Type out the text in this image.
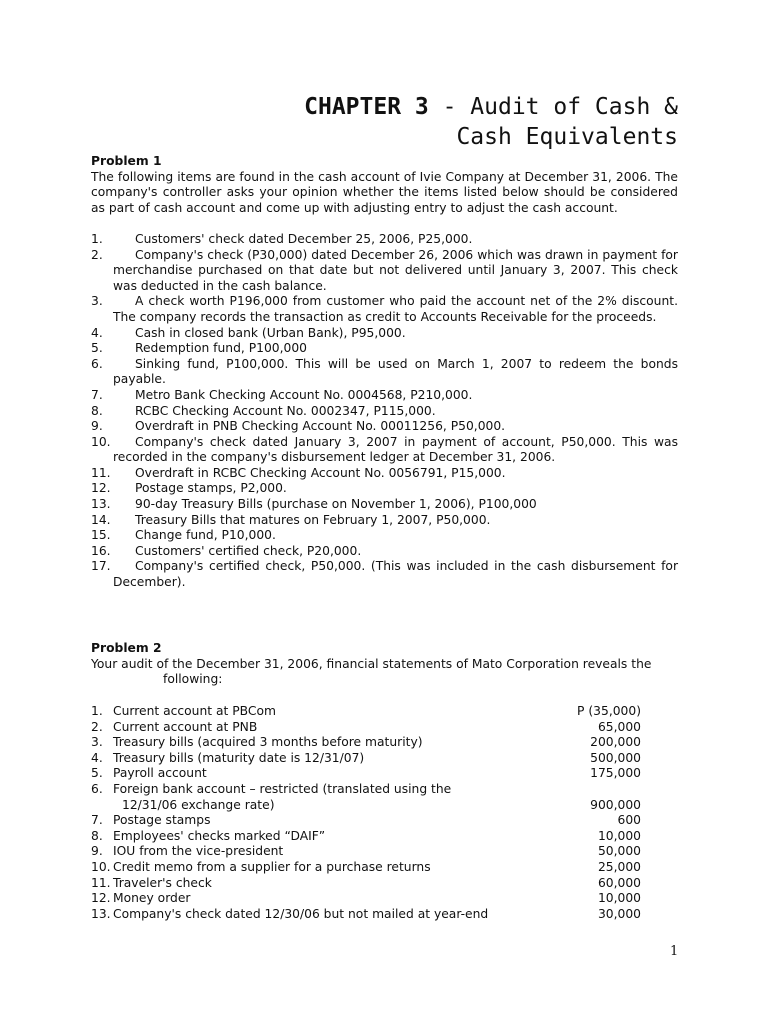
CHAPTER 3 - Audit of Cash &
Cash Equivalents
Problem 1
The following items are found in the cash account of Ivie Company at December 31, 2006. The company's controller asks your opinion whether the items listed below should be considered as part of cash account and come up with adjusting entry to adjust the cash account.
1.	Customers' check dated December 25, 2006, P25,000.
2.	Company's check (P30,000) dated December 26, 2006 which was drawn in payment for merchandise purchased on that date but not delivered until January 3, 2007. This check was deducted in the cash balance.
3.	A check worth P196,000 from customer who paid the account net of the 2% discount. The company records the transaction as credit to Accounts Receivable for the proceeds.
4.	Cash in closed bank (Urban Bank), P95,000.
5.	Redemption fund, P100,000
6.	Sinking fund, P100,000. This will be used on March 1, 2007 to redeem the bonds payable.
7.	Metro Bank Checking Account No. 0004568, P210,000.
8.	RCBC Checking Account No. 0002347, P115,000.
9.	Overdraft in PNB Checking Account No. 00011256, P50,000.
10.	Company's check dated January 3, 2007 in payment of account, P50,000. This was recorded in the company's disbursement ledger at December 31, 2006.
11.	Overdraft in RCBC Checking Account No. 0056791, P15,000.
12.	Postage stamps, P2,000.
13.	90-day Treasury Bills (purchase on November 1, 2006), P100,000
14.	Treasury Bills that matures on February 1, 2007, P50,000.
15.	Change fund, P10,000.
16.	Customers' certified check, P20,000.
17.	Company's certified check, P50,000. (This was included in the cash disbursement for December).
Problem 2
Your audit of the December 31, 2006, financial statements of Mato Corporation reveals the
following:
1. Current account at PBCom	P (35,000)
2. Current account at PNB	65,000
3. Treasury bills (acquired 3 months before maturity)	200,000
4. Treasury bills (maturity date is 12/31/07)	500,000
5. Payroll account	175,000
6. Foreign bank account – restricted (translated using the
12/31/06 exchange rate)	900,000
7. Postage stamps	600
8. Employees' checks marked “DAIF”	10,000
9. IOU from the vice-president	50,000
10. Credit memo from a supplier for a purchase returns	25,000
11. Traveler's check	60,000
12. Money order	10,000
13. Company's check dated 12/30/06 but not mailed at year-end	30,000
1
